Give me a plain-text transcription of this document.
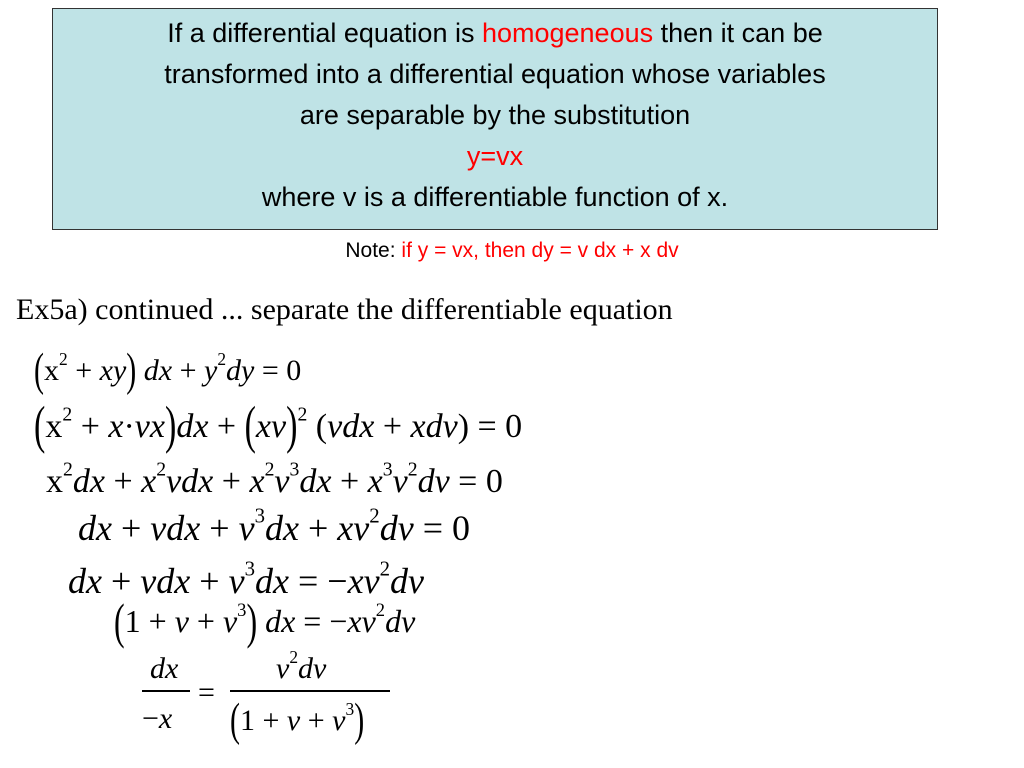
If a differential equation is homogeneous then it can be
transformed into a differential equation whose variables
are separable by the substitution
y=vx
where v is a differentiable function of x.
Note: if y = vx, then dy = v dx + x dv
Ex5a) continued ... separate the differentiable equation
$(x^2 + xy)$ dx + $y^2dy = 0$
$(x^2 + x\cdot vx)dx + (xv)^2$ (vdx + xdv) = 0
$x^2dx + x^2vdx + x^2v^3dx + x^3v^2dv = 0$
dx + vdx + $v^3dx + xv^2dv = 0$
dx + vdx + $v^3dx = -xv^2dv$
$(1 + v + v^3)$ dx = $-xv^2dv$
dx
−x
=
$v^2dv$
$(1 + v + v^3)$
